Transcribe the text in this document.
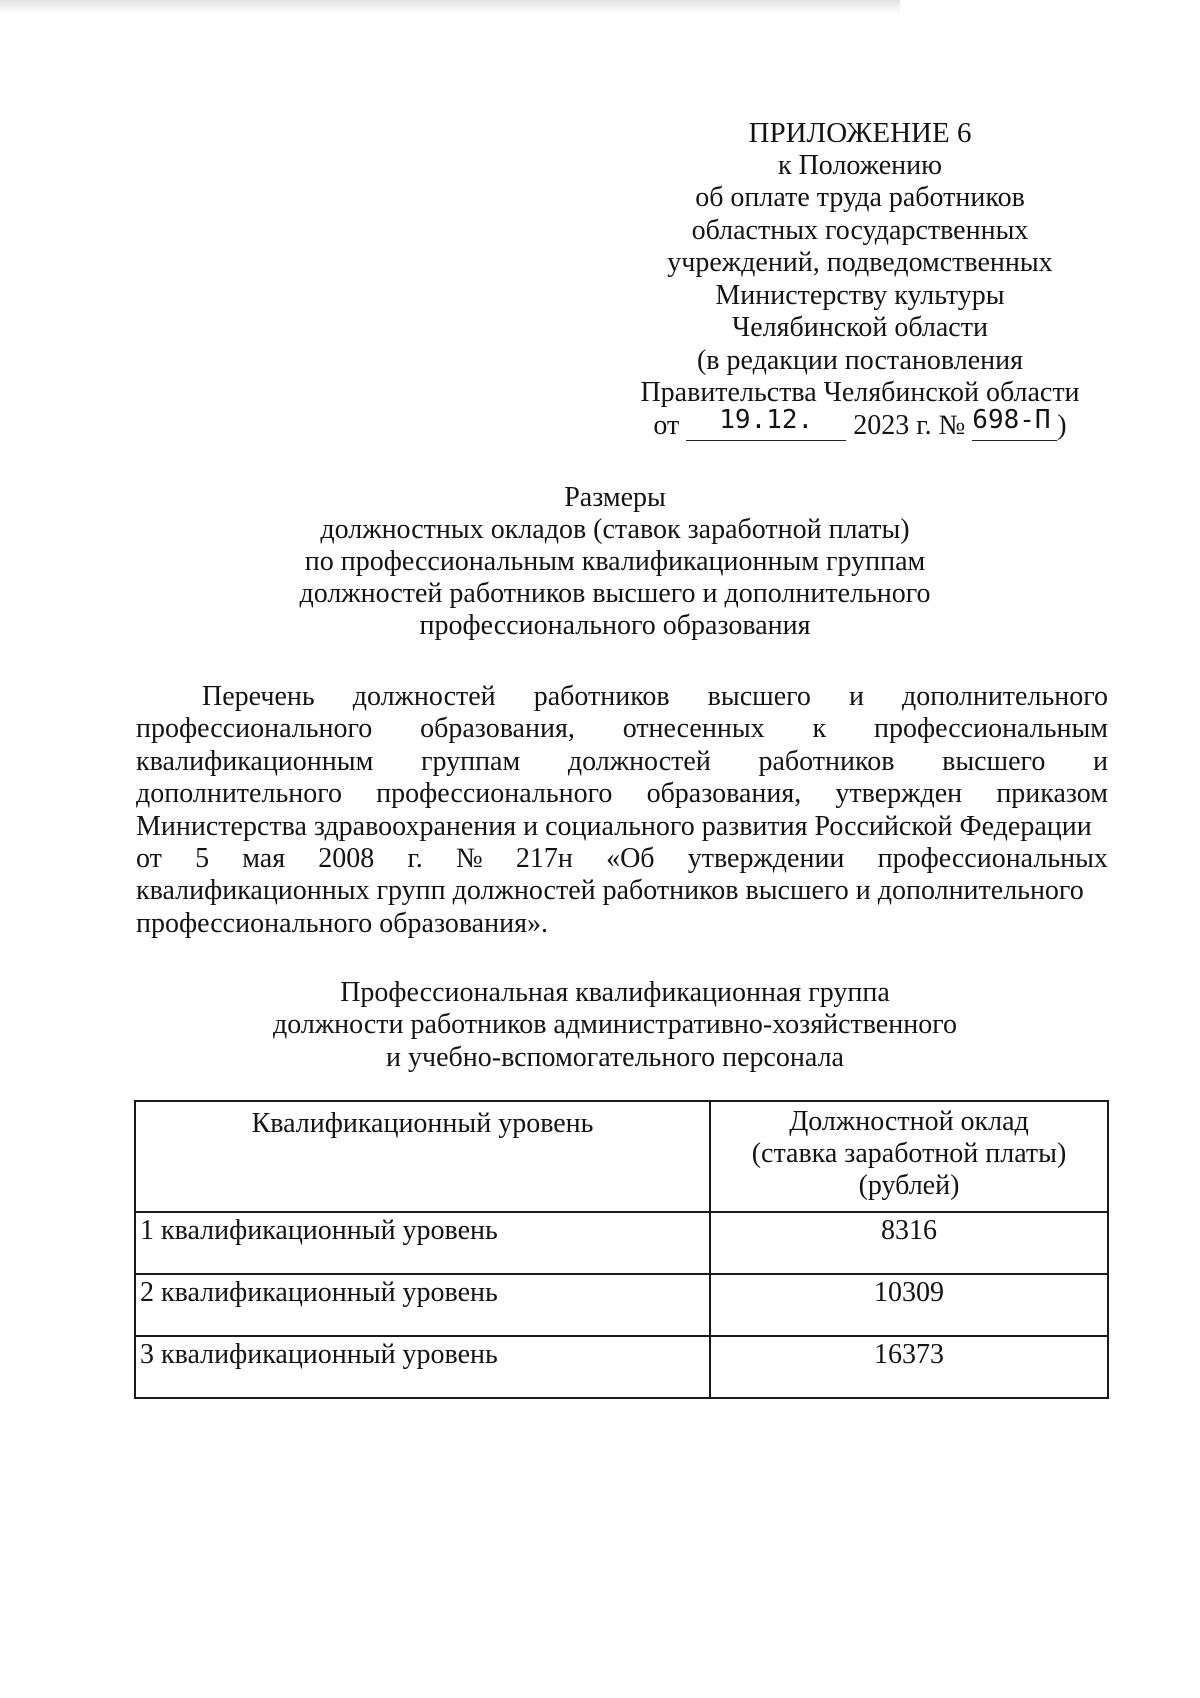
ПРИЛОЖЕНИЕ 6
к Положению
об оплате труда работников
областных государственных
учреждений, подведомственных
Министерству культуры
Челябинской области
(в редакции постановления
Правительства Челябинской области
от 19.12. 2023 г. № 698-П )
Размеры
должностных окладов (ставок заработной платы)
по профессиональным квалификационным группам
должностей работников высшего и дополнительного
профессионального образования
Перечень должностей работников высшего и дополнительного
профессионального образования, отнесенных к профессиональным
квалификационным группам должностей работников высшего и
дополнительного профессионального образования, утвержден приказом
Министерства здравоохранения и социального развития Российской Федерации
от 5 мая 2008 г. № 217н «Об утверждении профессиональных
квалификационных групп должностей работников высшего и дополнительного
профессионального образования».
Профессиональная квалификационная группа
должности работников административно-хозяйственного
и учебно-вспомогательного персонала
Квалификационный уровень	Должностной оклад
(ставка заработной платы)
(рублей)

1 квалификационный уровень	8316
2 квалификационный уровень	10309
3 квалификационный уровень	16373
